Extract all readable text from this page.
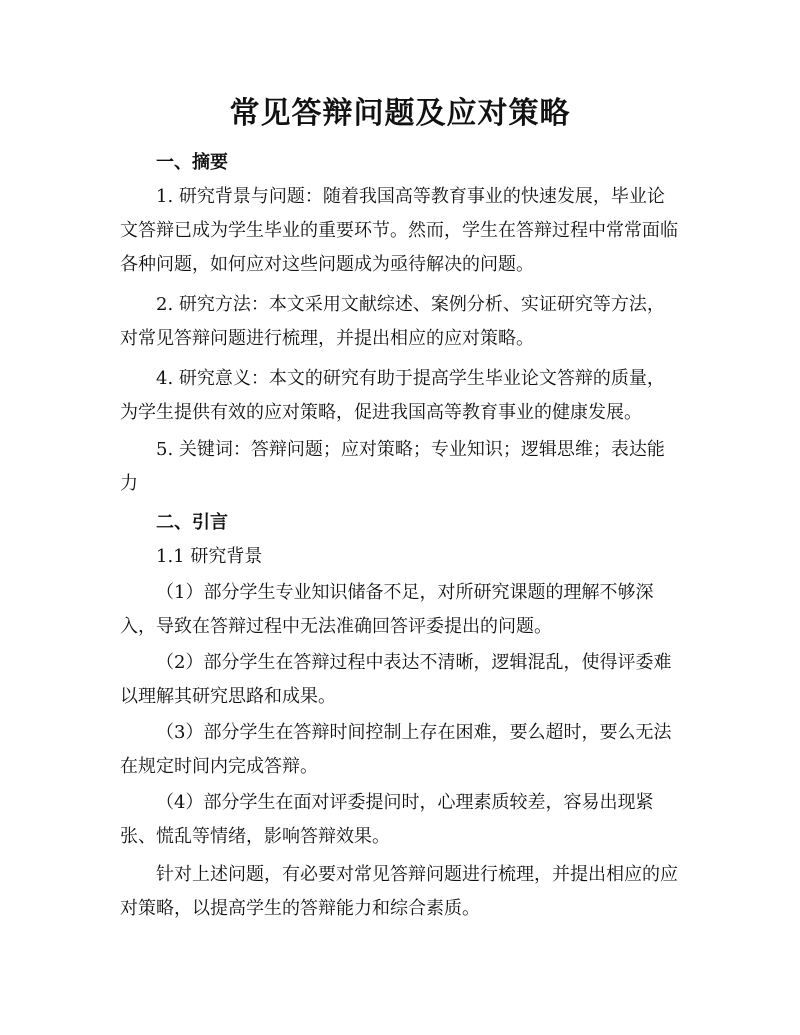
常见答辩问题及应对策略
一、摘要

1. 研究背景与问题：随着我国高等教育事业的快速发展，毕业论文答辩已成为学生毕业的重要环节。然而，学生在答辩过程中常常面临各种问题，如何应对这些问题成为亟待解决的问题。

2. 研究方法：本文采用文献综述、案例分析、实证研究等方法，对常见答辩问题进行梳理，并提出相应的应对策略。

4. 研究意义：本文的研究有助于提高学生毕业论文答辩的质量，为学生提供有效的应对策略，促进我国高等教育事业的健康发展。

5. 关键词：答辩问题；应对策略；专业知识；逻辑思维；表达能力

二、引言
1.1 研究背景

（1）部分学生专业知识储备不足，对所研究课题的理解不够深入，导致在答辩过程中无法准确回答评委提出的问题。

（2）部分学生在答辩过程中表达不清晰，逻辑混乱，使得评委难以理解其研究思路和成果。

（3）部分学生在答辩时间控制上存在困难，要么超时，要么无法在规定时间内完成答辩。

（4）部分学生在面对评委提问时，心理素质较差，容易出现紧张、慌乱等情绪，影响答辩效果。

针对上述问题，有必要对常见答辩问题进行梳理，并提出相应的应对策略，以提高学生的答辩能力和综合素质。
